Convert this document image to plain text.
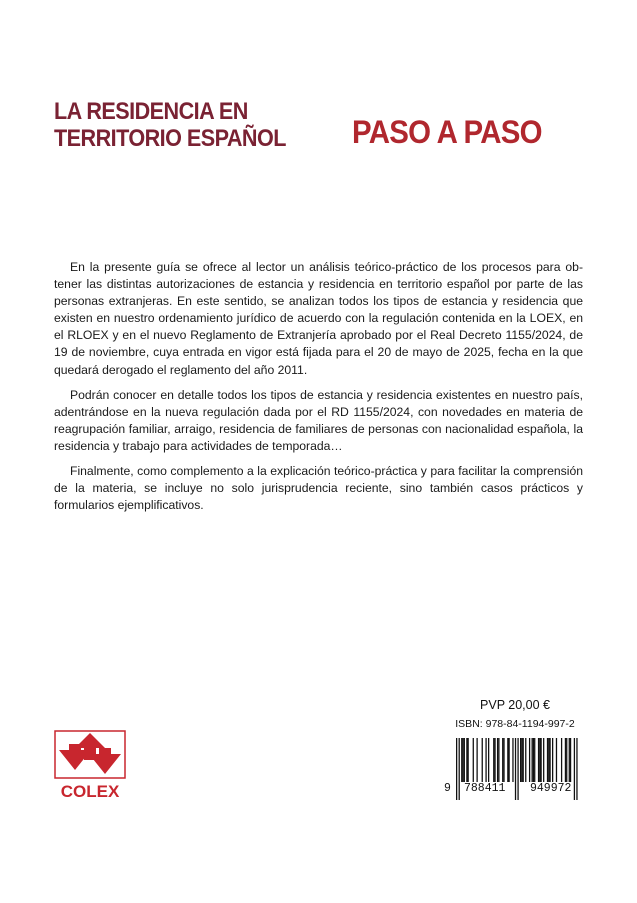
LA RESIDENCIA EN
TERRITORIO ESPAÑOL PASO A PASO

En la presente guía se ofrece al lector un análisis teórico-práctico de los procesos para obtener las distintas autorizaciones de estancia y residencia en territorio español por parte de las personas extranjeras. En este sentido, se analizan todos los tipos de estancia y residencia que existen en nuestro ordenamiento jurídico de acuerdo con la regulación contenida en la LOEX, en el RLOEX y en el nuevo Reglamento de Extranjería aprobado por el Real Decreto 1155/2024, de 19 de noviembre, cuya entrada en vigor está fijada para el 20 de mayo de 2025, fecha en la que quedará derogado el reglamento del año 2011.

Podrán conocer en detalle todos los tipos de estancia y residencia existentes en nuestro país, adentrándose en la nueva regulación dada por el RD 1155/2024, con novedades en materia de reagrupación familiar, arraigo, residencia de familiares de personas con nacionalidad española, la residencia y trabajo para actividades de temporada…

Finalmente, como complemento a la explicación teórico-práctica y para facilitar la comprensión de la materia, se incluye no solo jurisprudencia reciente, sino también casos prácticos y formularios ejemplificativos.

COLEX
PVP 20,00 €
ISBN: 978-84-1194-997-2
9 788411 949972
